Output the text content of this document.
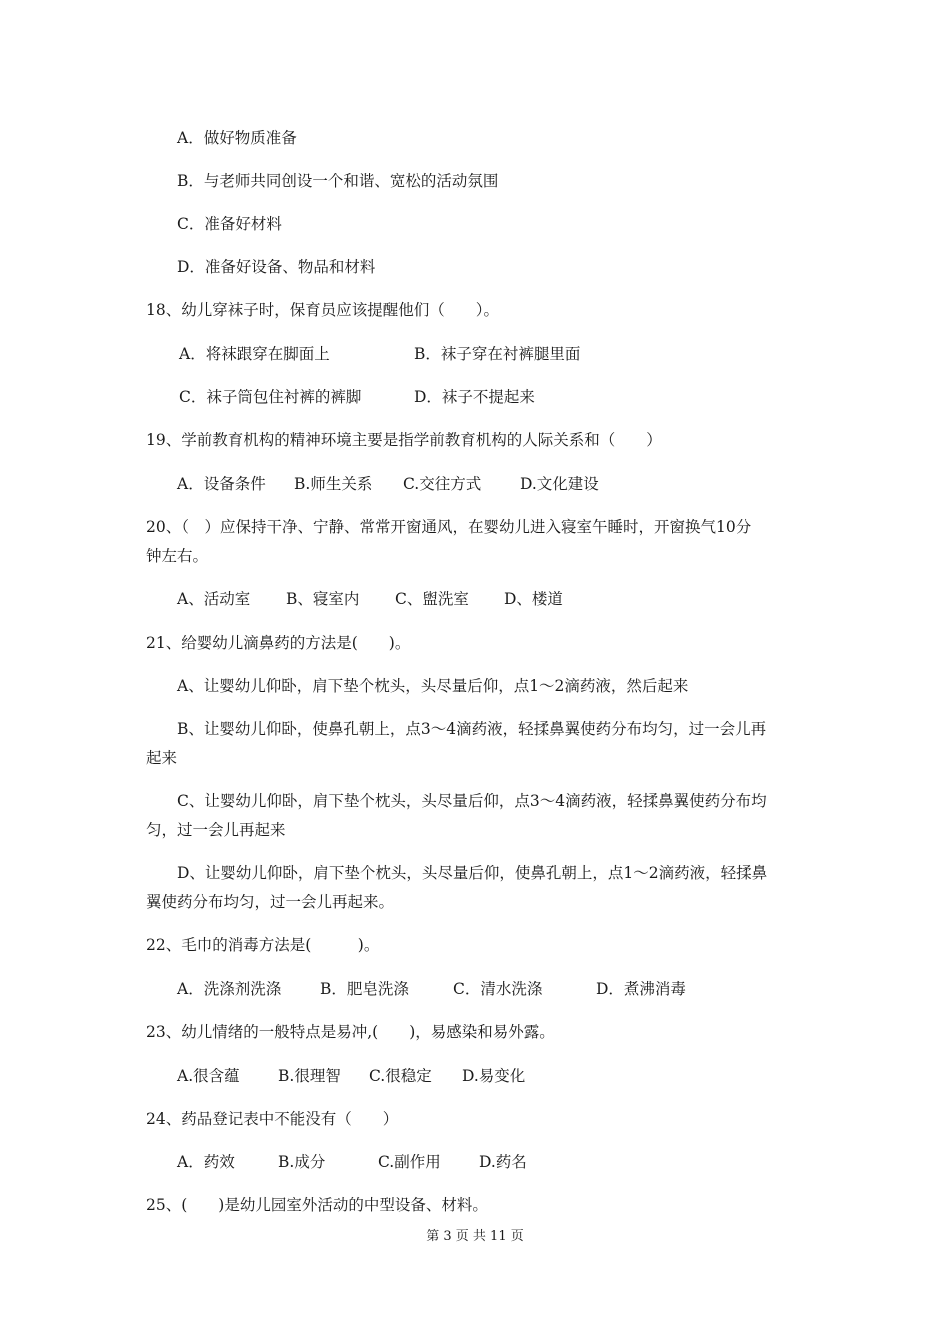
A．做好物质准备
B．与老师共同创设一个和谐、宽松的活动氛围
C．准备好材料
D．准备好设备、物品和材料
18、幼儿穿袜子时，保育员应该提醒他们（　　）。
A．将袜跟穿在脚面上	B．袜子穿在衬裤腿里面
C．袜子筒包住衬裤的裤脚	D．袜子不提起来
19、学前教育机构的精神环境主要是指学前教育机构的人际关系和（　　）
A．设备条件 B.师生关系 C.交往方式	D.文化建设
20、（　）应保持干净、宁静、常常开窗通风，在婴幼儿进入寝室午睡时，开窗换气10分
钟左右。
A、活动室 B、寝室内 C、盥洗室 D、楼道
21、给婴幼儿滴鼻药的方法是(　　)。
A、让婴幼儿仰卧，肩下垫个枕头，头尽量后仰，点1～2滴药液，然后起来
B、让婴幼儿仰卧，使鼻孔朝上，点3～4滴药液，轻揉鼻翼使药分布均匀，过一会儿再
起来
C、让婴幼儿仰卧，肩下垫个枕头，头尽量后仰，点3～4滴药液，轻揉鼻翼使药分布均
匀，过一会儿再起来
D、让婴幼儿仰卧，肩下垫个枕头，头尽量后仰，使鼻孔朝上，点1～2滴药液，轻揉鼻
翼使药分布均匀，过一会儿再起来。
22、毛巾的消毒方法是(　　　)。
A．洗涤剂洗涤	B．肥皂洗涤	C．清水洗涤	D．煮沸消毒
23、幼儿情绪的一般特点是易冲,(　　)，易感染和易外露。
A.很含蕴 B.很理智 C.很稳定 D.易变化
24、药品登记表中不能没有（　　）
A．药效	B.成分	C.副作用 D.药名
25、(　　)是幼儿园室外活动的中型设备、材料。
第 3 页 共 11 页
